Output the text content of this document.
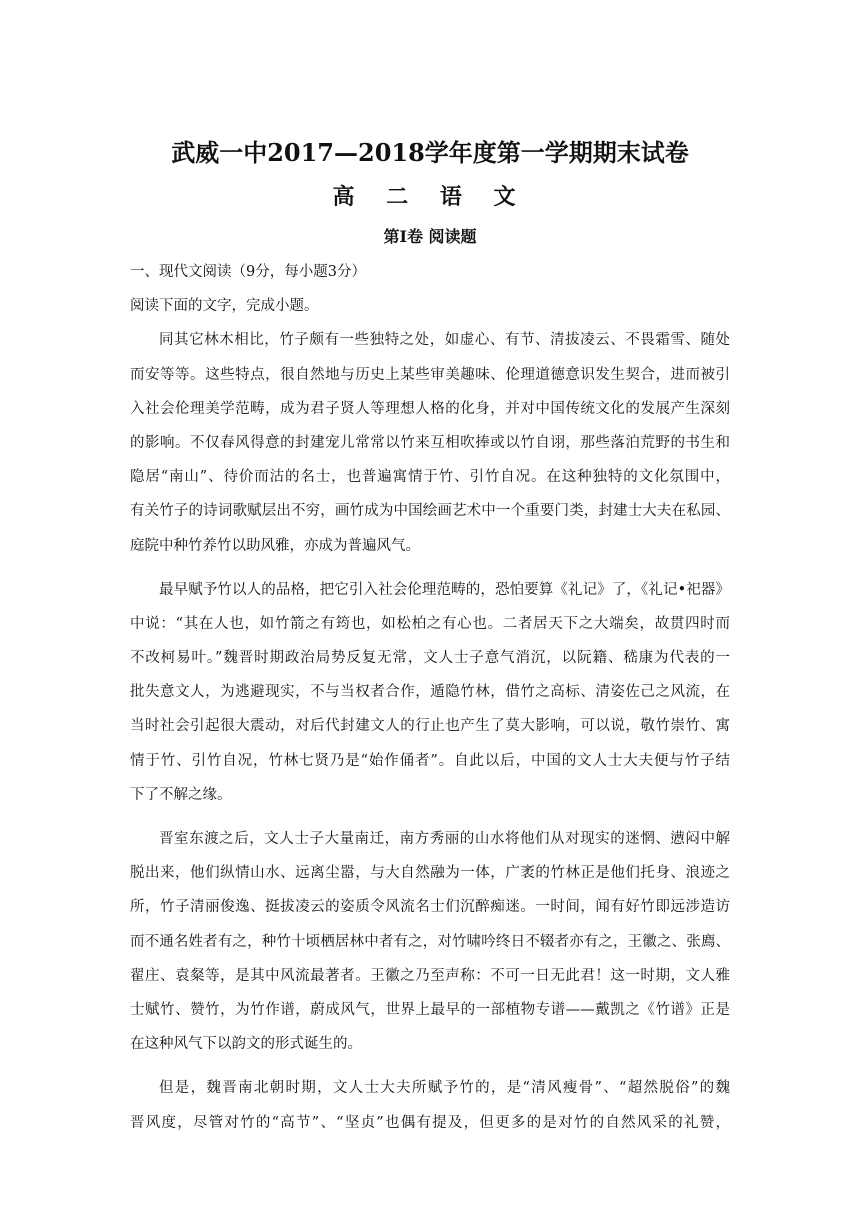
武威一中2017—2018学年度第一学期期末试卷
高 二 语 文
第Ⅰ卷 阅读题
一、现代文阅读（9分，每小题3分）
阅读下面的文字，完成小题。
同其它林木相比，竹子颇有一些独特之处，如虚心、有节、清拔凌云、不畏霜雪、随处
而安等等。这些特点，很自然地与历史上某些审美趣味、伦理道德意识发生契合，进而被引
入社会伦理美学范畴，成为君子贤人等理想人格的化身，并对中国传统文化的发展产生深刻
的影响。不仅春风得意的封建宠儿常常以竹来互相吹捧或以竹自诩，那些落泊荒野的书生和
隐居“南山”、待价而沽的名士，也普遍寓情于竹、引竹自况。在这种独特的文化氛围中，
有关竹子的诗词歌赋层出不穷，画竹成为中国绘画艺术中一个重要门类，封建士大夫在私园、
庭院中种竹养竹以助风雅，亦成为普遍风气。
最早赋予竹以人的品格，把它引入社会伦理范畴的，恐怕要算《礼记》了，《礼记•祀器》
中说：“其在人也，如竹箭之有筠也，如松柏之有心也。二者居天下之大端矣，故贯四时而
不改柯易叶。”魏晋时期政治局势反复无常，文人士子意气消沉，以阮籍、嵇康为代表的一
批失意文人，为逃避现实，不与当权者合作，遁隐竹林，借竹之高标、清姿佐己之风流，在
当时社会引起很大震动，对后代封建文人的行止也产生了莫大影响，可以说，敬竹崇竹、寓
情于竹、引竹自况，竹林七贤乃是“始作俑者”。自此以后，中国的文人士大夫便与竹子结
下了不解之缘。
晋室东渡之后，文人士子大量南迁，南方秀丽的山水将他们从对现实的迷惘、懑闷中解
脱出来，他们纵情山水、远离尘嚣，与大自然融为一体，广袤的竹林正是他们托身、浪迹之
所，竹子清丽俊逸、挺拔凌云的姿质令风流名士们沉醉痴迷。一时间，闻有好竹即远涉造访
而不通名姓者有之，种竹十顷栖居林中者有之，对竹啸吟终日不辍者亦有之，王徽之、张廌、
翟庄、袁粲等，是其中风流最著者。王徽之乃至声称：不可一日无此君！这一时期，文人雅
士赋竹、赞竹，为竹作谱，蔚成风气，世界上最早的一部植物专谱——戴凯之《竹谱》正是
在这种风气下以韵文的形式诞生的。
但是，魏晋南北朝时期，文人士大夫所赋予竹的，是“清风瘦骨”、“超然脱俗”的魏
晋风度，尽管对竹的“高节”、“坚贞”也偶有提及，但更多的是对竹的自然风采的礼赞，
